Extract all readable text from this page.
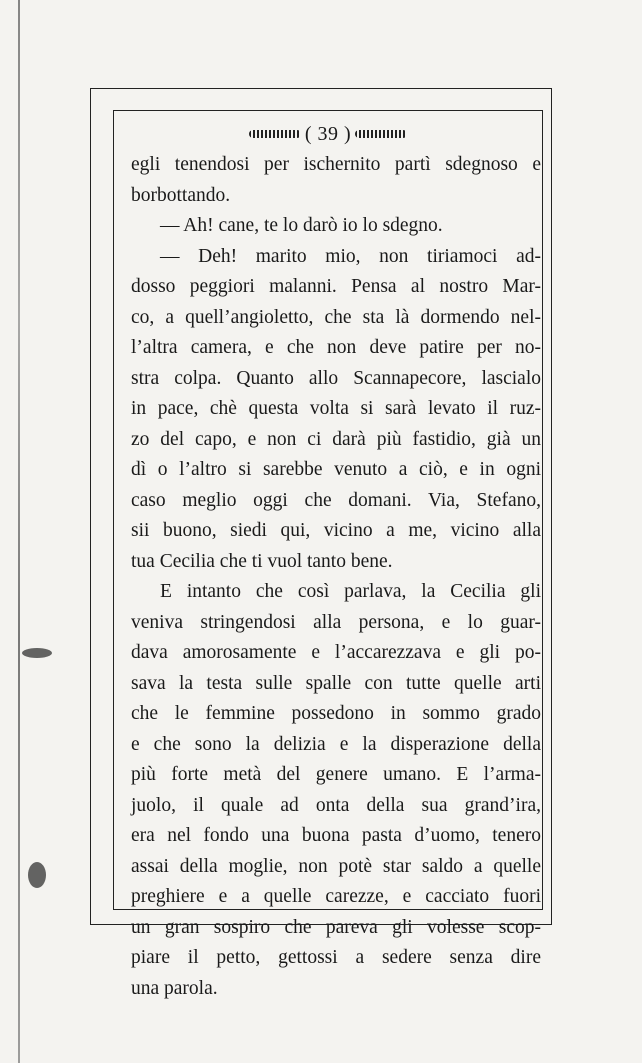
( 39 )
egli tenendosi per ischernito partì sdegnoso e
borbottando.
— Ah! cane, te lo darò io lo sdegno.
— Deh! marito mio, non tiriamoci ad-
dosso peggiori malanni. Pensa al nostro Mar-
co, a quell’angioletto, che sta là dormendo nel-
l’altra camera, e che non deve patire per no-
stra colpa. Quanto allo Scannapecore, lascialo
in pace, chè questa volta si sarà levato il ruz-
zo del capo, e non ci darà più fastidio, già un
dì o l’altro si sarebbe venuto a ciò, e in ogni
caso meglio oggi che domani. Via, Stefano,
sii buono, siedi qui, vicino a me, vicino alla
tua Cecilia che ti vuol tanto bene.
E intanto che così parlava, la Cecilia gli
veniva stringendosi alla persona, e lo guar-
dava amorosamente e l’accarezzava e gli po-
sava la testa sulle spalle con tutte quelle arti
che le femmine possedono in sommo grado
e che sono la delizia e la disperazione della
più forte metà del genere umano. E l’arma-
juolo, il quale ad onta della sua grand’ira,
era nel fondo una buona pasta d’uomo, tenero
assai della moglie, non potè star saldo a quelle
preghiere e a quelle carezze, e cacciato fuori
un gran sospiro che pareva gli volesse scop-
piare il petto, gettossi a sedere senza dire
una parola.
